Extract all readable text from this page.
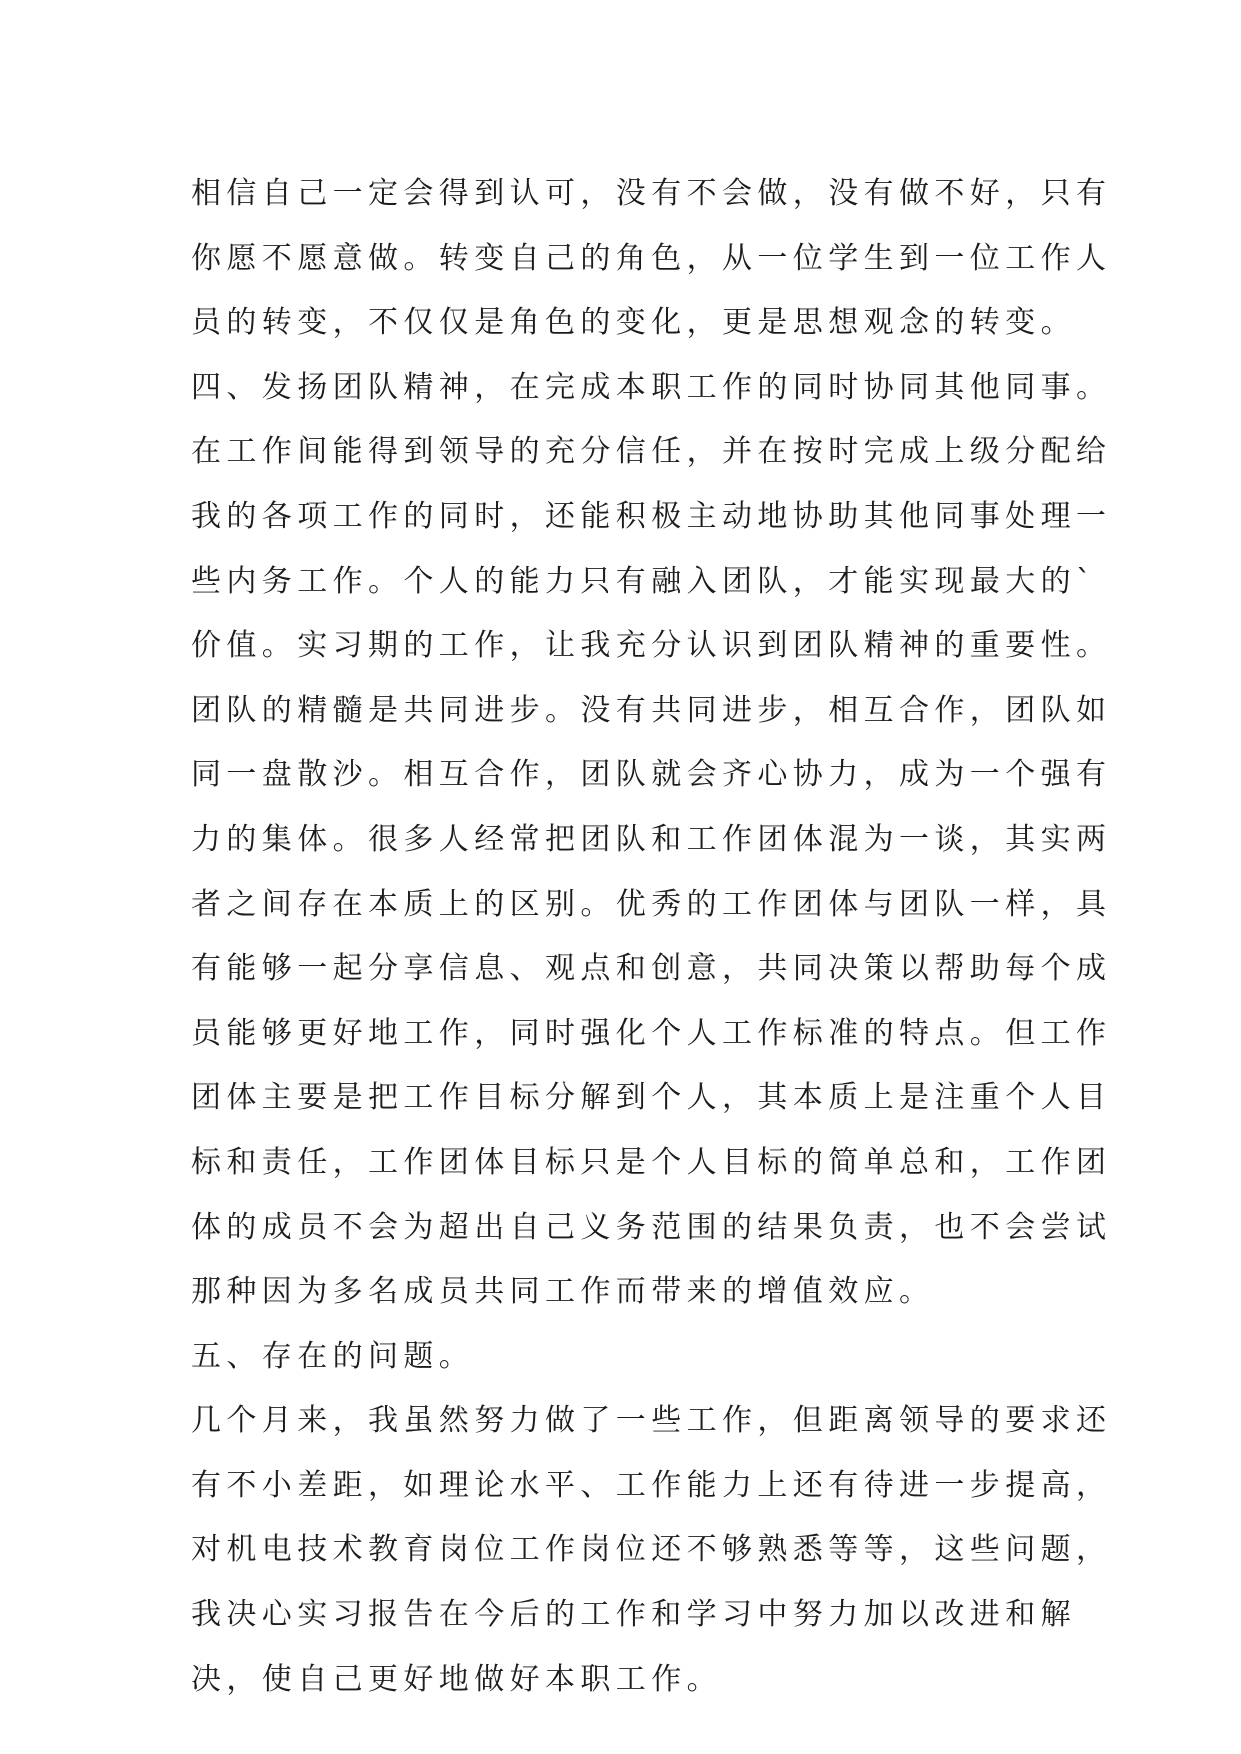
相信自己一定会得到认可，没有不会做，没有做不好，只有
你愿不愿意做。转变自己的角色，从一位学生到一位工作人
员的转变，不仅仅是角色的变化，更是思想观念的转变。
四、发扬团队精神，在完成本职工作的同时协同其他同事。
在工作间能得到领导的充分信任，并在按时完成上级分配给
我的各项工作的同时，还能积极主动地协助其他同事处理一
些内务工作。个人的能力只有融入团队，才能实现最大的`
价值。实习期的工作，让我充分认识到团队精神的重要性。
团队的精髓是共同进步。没有共同进步，相互合作，团队如
同一盘散沙。相互合作，团队就会齐心协力，成为一个强有
力的集体。很多人经常把团队和工作团体混为一谈，其实两
者之间存在本质上的区别。优秀的工作团体与团队一样，具
有能够一起分享信息、观点和创意，共同决策以帮助每个成
员能够更好地工作，同时强化个人工作标准的特点。但工作
团体主要是把工作目标分解到个人，其本质上是注重个人目
标和责任，工作团体目标只是个人目标的简单总和，工作团
体的成员不会为超出自己义务范围的结果负责，也不会尝试
那种因为多名成员共同工作而带来的增值效应。
五、存在的问题。
几个月来，我虽然努力做了一些工作，但距离领导的要求还
有不小差距，如理论水平、工作能力上还有待进一步提高，
对机电技术教育岗位工作岗位还不够熟悉等等，这些问题，
我决心实习报告在今后的工作和学习中努力加以改进和解
决，使自己更好地做好本职工作。
